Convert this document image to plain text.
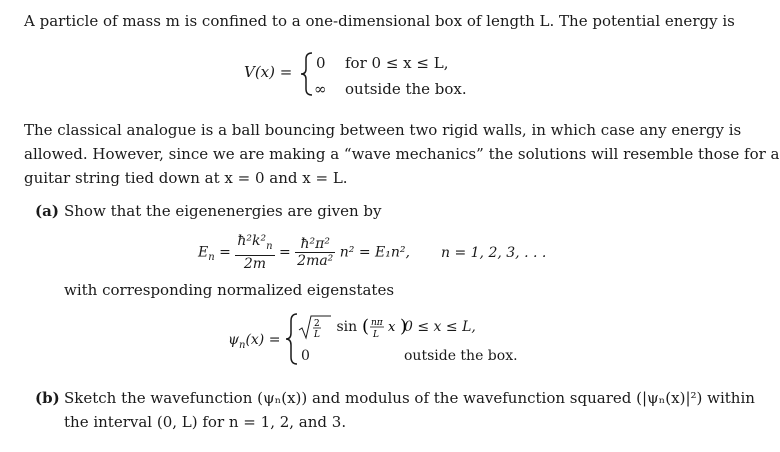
A particle of mass m is confined to a one-dimensional box of length L. The potential energy is
V(x) = 0 for 0 ≤ x ≤ L,
∞ outside the box.
The classical analogue is a ball bouncing between two rigid walls, in which case any energy is
allowed. However, since we are making a “wave mechanics” the solutions will resemble those for a
guitar string tied down at x = 0 and x = L.
(a) Show that the eigenenergies are given by
$E_n = \frac{ħ^2k^2_n}{2m} = \frac{\text{ħ²π²}}{\text{2ma²}} n^2 = E_1n^2$, n = 1, 2, 3, . . .
with corresponding normalized eigenstates
$\psi_n(x)$ =
2
L sin ( nπ
L x )
0 ≤ x ≤ L,
0	outside the box.
(b) Sketch the wavefunction (ψₙ(x)) and modulus of the wavefunction squared (|ψₙ(x)|²) within
the interval (0, L) for n = 1, 2, and 3.
